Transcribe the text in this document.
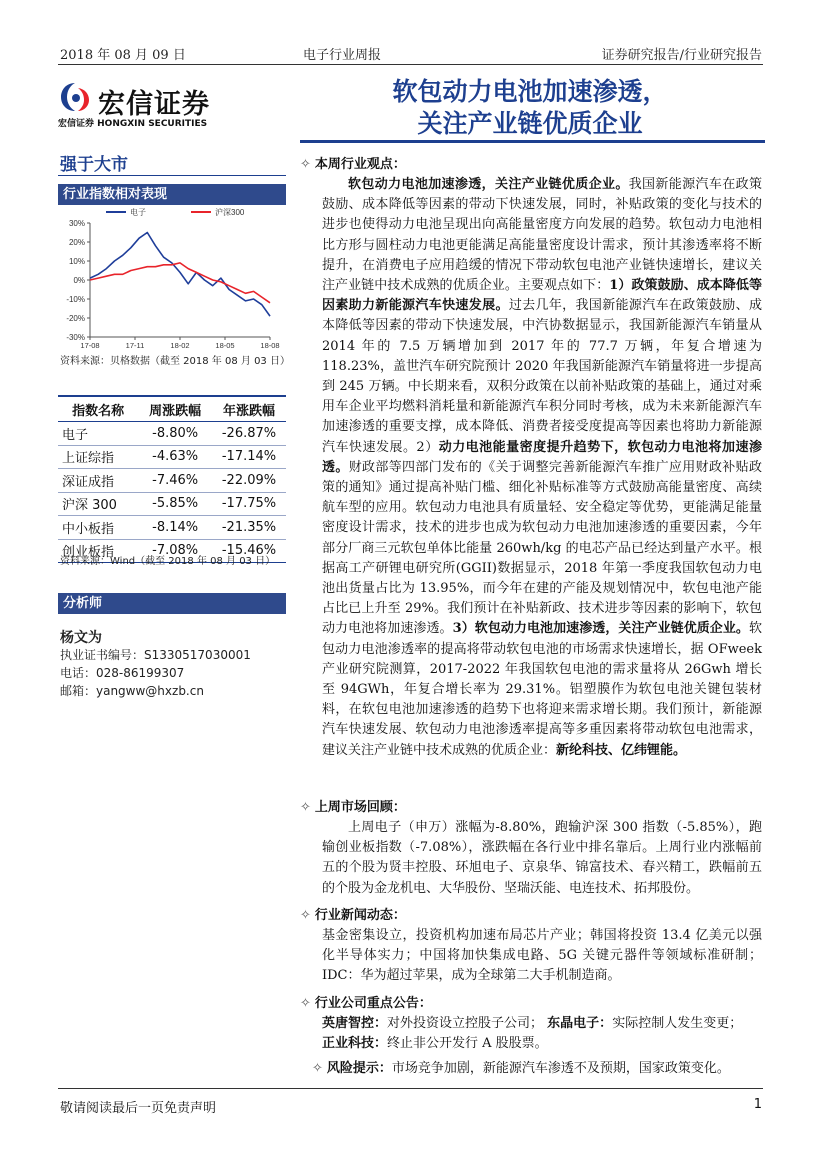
2018 年 08 月 09 日	电子行业周报	证券研究报告/行业研究报告
宏信证券
宏信证券 HONGXIN SECURITIES
软包动力电池加速渗透，
关注产业链优质企业
强于大市
行业指数相对表现
30%
20%
10%
0%
-10%
-20%
-30%
17-08	17-11	18-02	18-05	18-08
电子	沪深300
资料来源：贝格数据（截至 2018 年 08 月 03 日）
指数名称	周涨跌幅	年涨跌幅
电子	-8.80%	-26.87%
上证综指	-4.63%	-17.14%
深证成指	-7.46%	-22.09%
沪深 300	-5.85%	-17.75%
中小板指	-8.14%	-21.35%
创业板指	-7.08%	-15.46%
资料来源：Wind（截至 2018 年 08 月 03 日）
分析师
杨文为
执业证书编号：S1330517030001
电话：028-86199307
邮箱：yangww@hxzb.cn
✧ 本周行业观点：
软包动力电池加速渗透，关注产业链优质企业。我国新能源汽车在政策鼓励、成本降低等因素的带动下快速发展，同时，补贴政策的变化与技术的进步也使得动力电池呈现出向高能量密度方向发展的趋势。软包动力电池相比方形与圆柱动力电池更能满足高能量密度设计需求，预计其渗透率将不断提升，在消费电子应用趋缓的情况下带动软包电池产业链快速增长，建议关注产业链中技术成熟的优质企业。主要观点如下：1）政策鼓励、成本降低等因素助力新能源汽车快速发展。过去几年，我国新能源汽车在政策鼓励、成本降低等因素的带动下快速发展，中汽协数据显示，我国新能源汽车销量从 2014 年的 7.5 万辆增加到 2017 年的 77.7 万辆，年复合增速为 118.23%，盖世汽车研究院预计 2020 年我国新能源汽车销量将进一步提高到 245 万辆。中长期来看，双积分政策在以前补贴政策的基础上，通过对乘用车企业平均燃料消耗量和新能源汽车积分同时考核，成为未来新能源汽车加速渗透的重要支撑，成本降低、消费者接受度提高等因素也将助力新能源汽车快速发展。2）动力电池能量密度提升趋势下，软包动力电池将加速渗透。财政部等四部门发布的《关于调整完善新能源汽车推广应用财政补贴政策的通知》通过提高补贴门槛、细化补贴标准等方式鼓励高能量密度、高续航车型的应用。软包动力电池具有质量轻、安全稳定等优势，更能满足能量密度设计需求，技术的进步也成为软包动力电池加速渗透的重要因素，今年部分厂商三元软包单体比能量 260wh/kg 的电芯产品已经达到量产水平。根据高工产研锂电研究所(GGII)数据显示，2018 年第一季度我国软包动力电池出货量占比为 13.95%，而今年在建的产能及规划情况中，软包电池产能占比已上升至 29%。我们预计在补贴新政、技术进步等因素的影响下，软包动力电池将加速渗透。3）软包动力电池加速渗透，关注产业链优质企业。软包动力电池渗透率的提高将带动软包电池的市场需求快速增长，据 OFweek 产业研究院测算，2017-2022 年我国软包电池的需求量将从 26Gwh 增长至 94GWh，年复合增长率为 29.31%。铝塑膜作为软包电池关键包装材料，在软包电池加速渗透的趋势下也将迎来需求增长期。我们预计，新能源汽车快速发展、软包动力电池渗透率提高等多重因素将带动软包电池需求，建议关注产业链中技术成熟的优质企业：新纶科技、亿纬锂能。
✧ 上周市场回顾：
上周电子（申万）涨幅为-8.80%，跑输沪深 300 指数（-5.85%），跑输创业板指数（-7.08%），涨跌幅在各行业中排名靠后。上周行业内涨幅前五的个股为贤丰控股、环旭电子、京泉华、锦富技术、春兴精工，跌幅前五的个股为金龙机电、大华股份、坚瑞沃能、电连技术、拓邦股份。
✧ 行业新闻动态：
基金密集设立，投资机构加速布局芯片产业；韩国将投资 13.4 亿美元以强化半导体实力；中国将加快集成电路、5G 关键元器件等领域标准研制；IDC：华为超过苹果，成为全球第二大手机制造商。
✧ 行业公司重点公告：
英唐智控：对外投资设立控股子公司； 东晶电子：实际控制人发生变更；
正业科技：终止非公开发行 A 股股票。
✧ 风险提示：市场竞争加剧，新能源汽车渗透不及预期，国家政策变化。
敬请阅读最后一页免责声明	1
